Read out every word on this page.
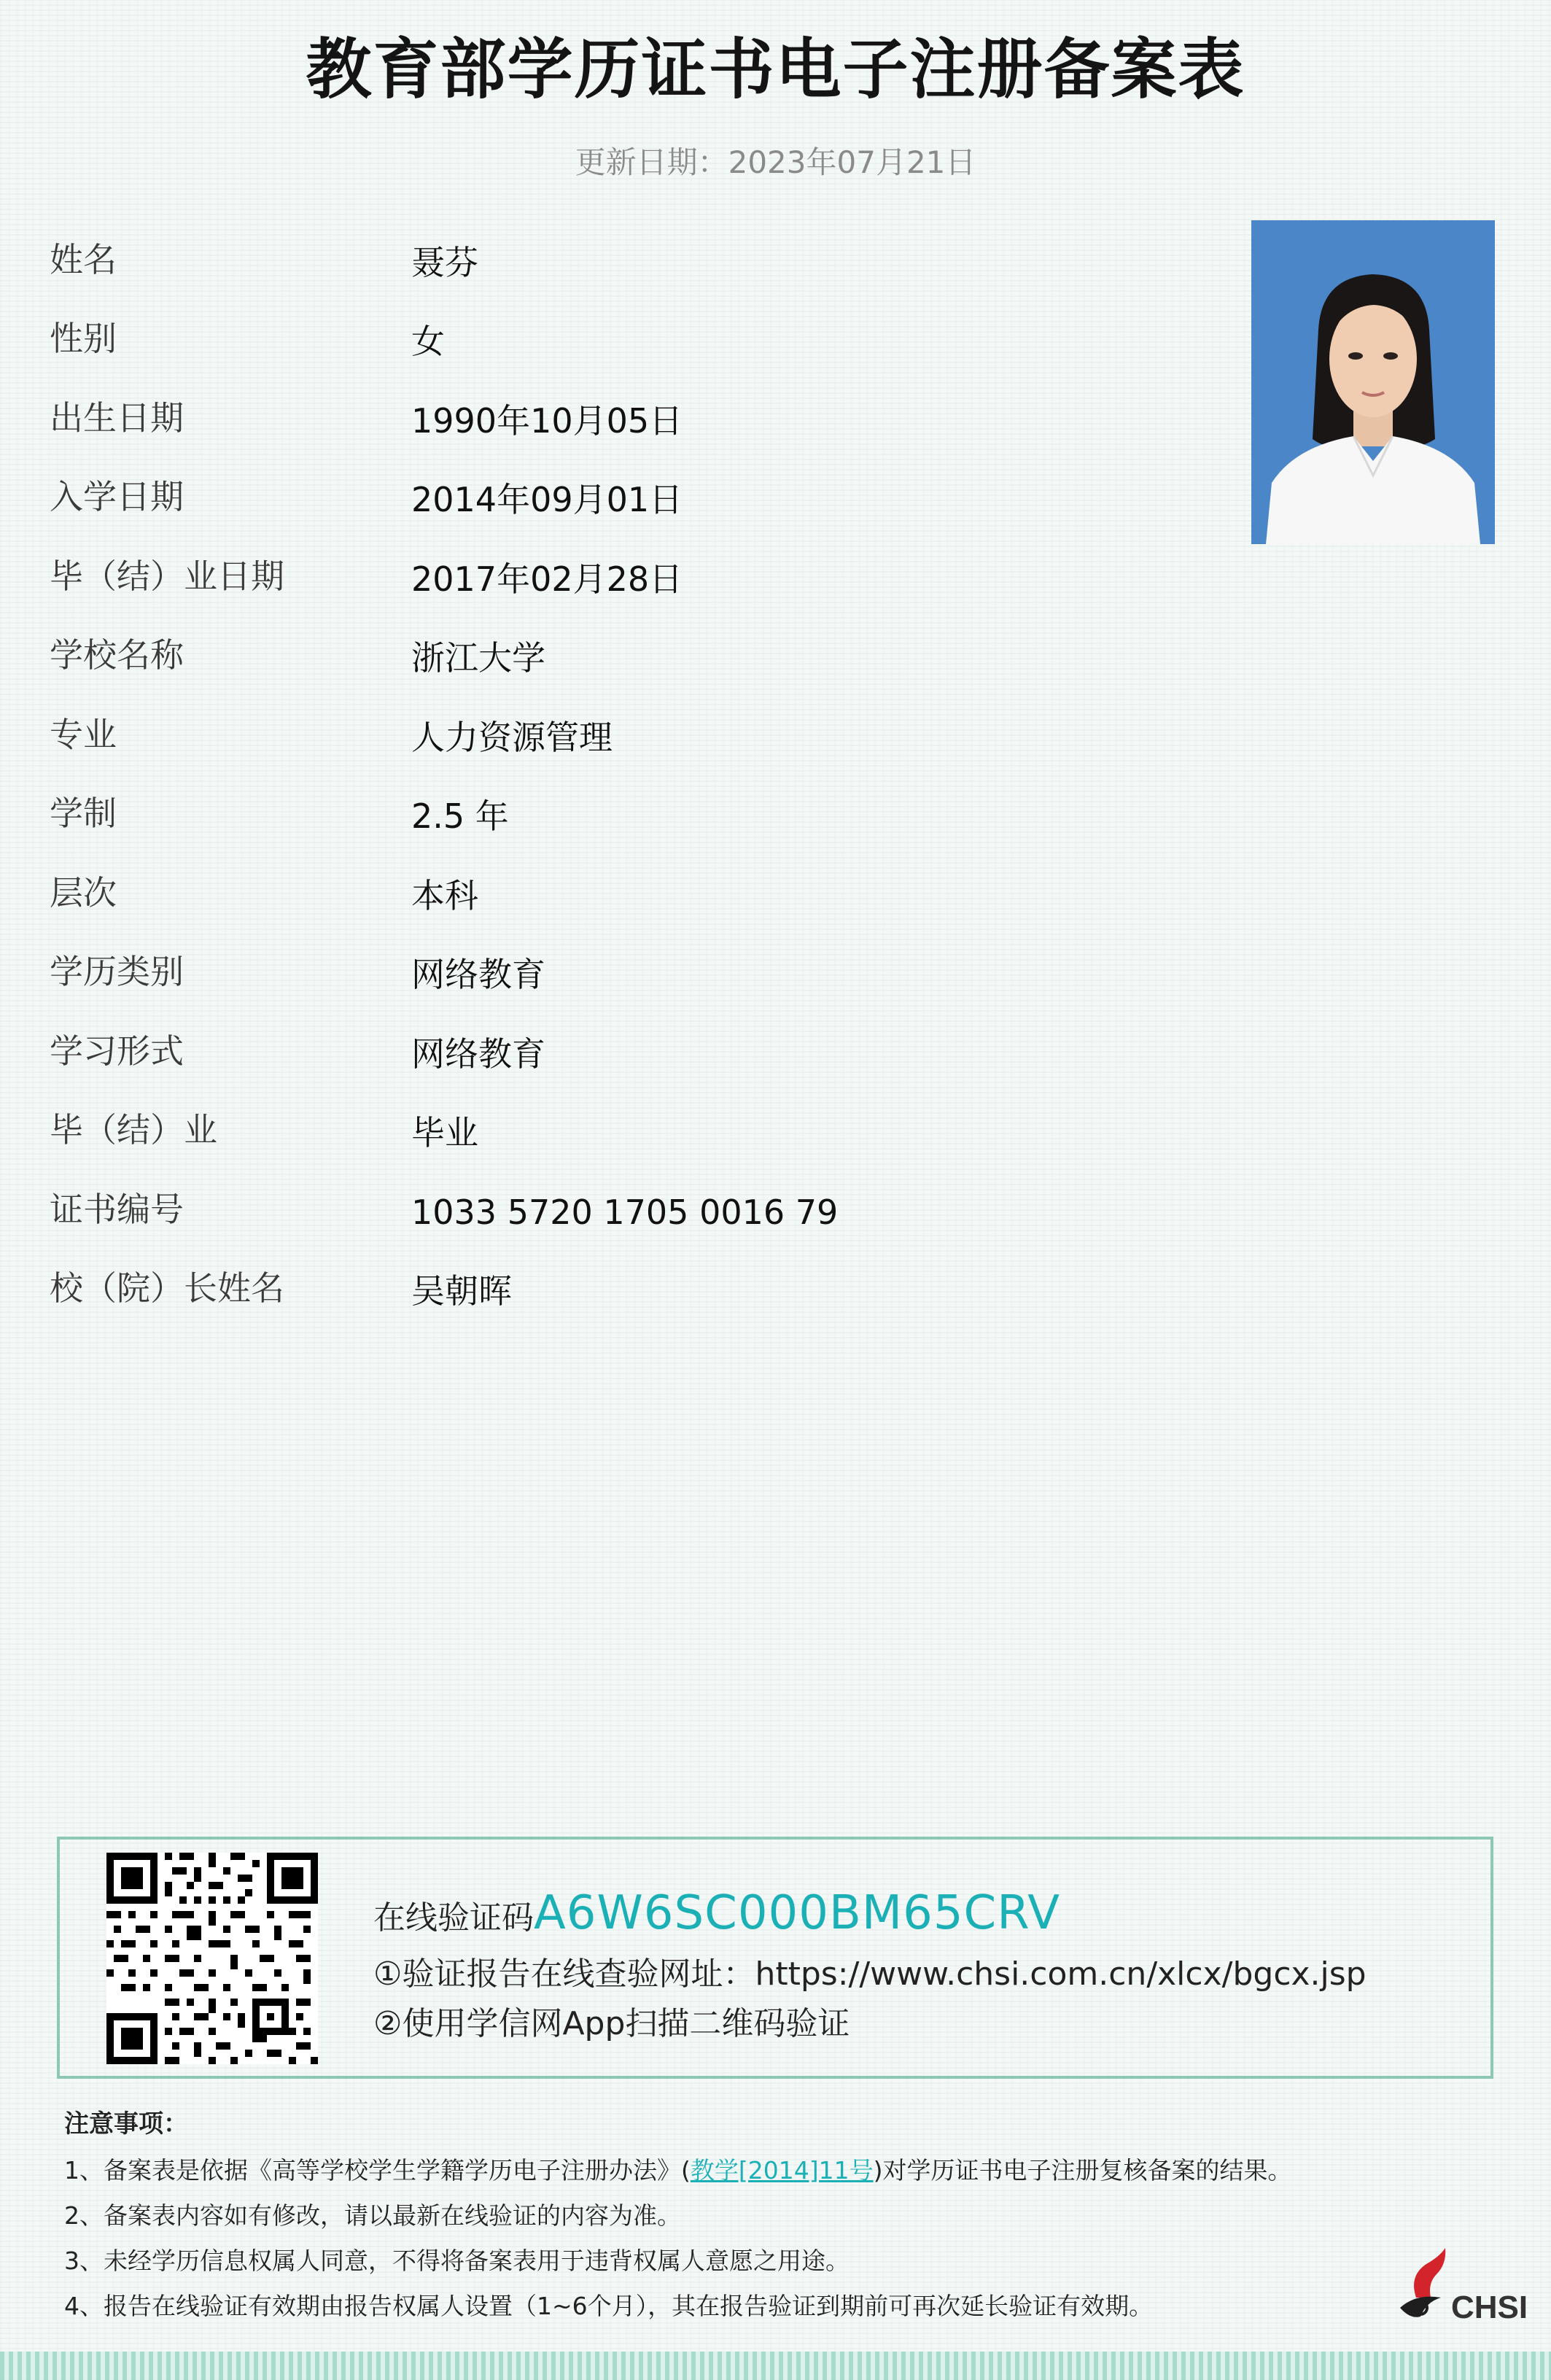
教育部学历证书电子注册备案表
更新日期：2023年07月21日
姓名	聂芬
性别	女
出生日期	1990年10月05日
入学日期	2014年09月01日
毕（结）业日期	2017年02月28日
学校名称	浙江大学
专业	人力资源管理
学制	2.5 年
层次	本科
学历类别	网络教育
学习形式	网络教育
毕（结）业	毕业
证书编号	1033 5720 1705 0016 79
校（院）长姓名	吴朝晖
在线验证码A6W6SC000BM65CRV
①验证报告在线查验网址：https://www.chsi.com.cn/xlcx/bgcx.jsp
②使用学信网App扫描二维码验证
注意事项：
1、备案表是依据《高等学校学生学籍学历电子注册办法》(教学[2014]11号)对学历证书电子注册复核备案的结果。
2、备案表内容如有修改，请以最新在线验证的内容为准。
3、未经学历信息权属人同意，不得将备案表用于违背权属人意愿之用途。
4、报告在线验证有效期由报告权属人设置（1~6个月），其在报告验证到期前可再次延长验证有效期。	CHSI
